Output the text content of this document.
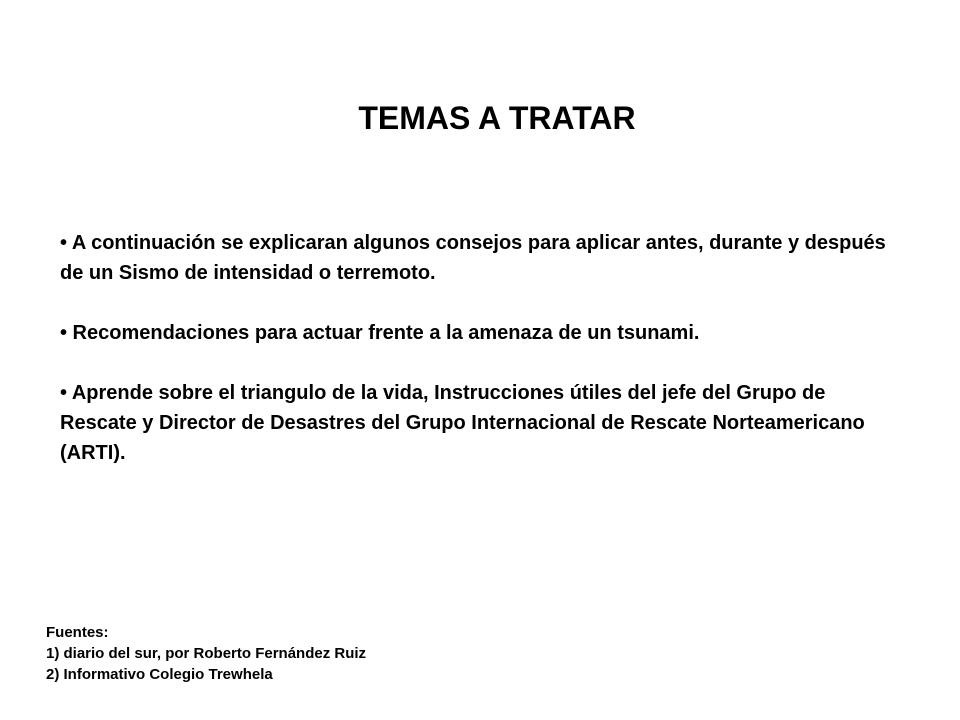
TEMAS A TRATAR
• A continuación se explicaran algunos consejos para aplicar antes, durante y después de un Sismo de intensidad o terremoto.
• Recomendaciones para actuar frente a la amenaza de un tsunami.
• Aprende sobre el triangulo de la vida, Instrucciones útiles del jefe del Grupo de Rescate y Director de Desastres del Grupo Internacional de Rescate Norteamericano (ARTI).
Fuentes:
1) diario del sur, por Roberto Fernández Ruiz
2) Informativo Colegio Trewhela
